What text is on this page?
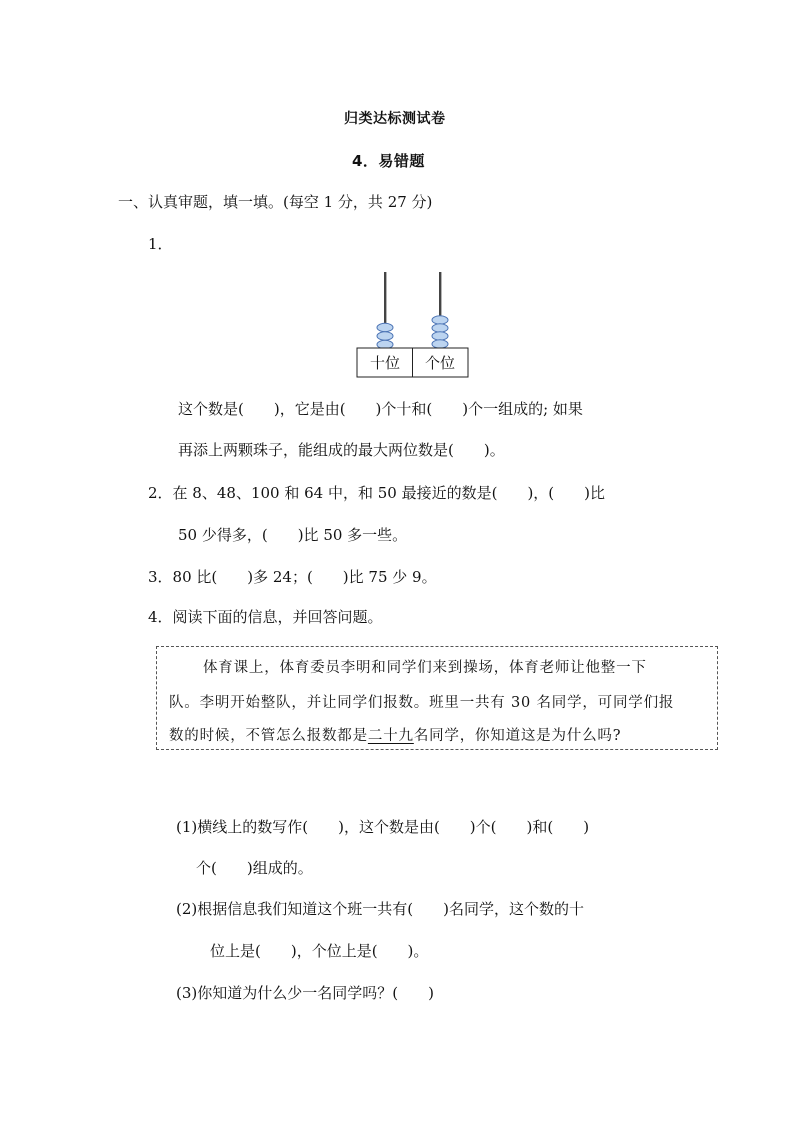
归类达标测试卷
4．易错题
一、认真审题，填一填。(每空 1 分，共 27 分)
1．
十位 个位
这个数是(　　)，它是由(　　)个十和(　　)个一组成的; 如果
再添上两颗珠子，能组成的最大两位数是(　　)。
2．在 8、48、100 和 64 中，和 50 最接近的数是(　　)，(　　)比
50 少得多，(　　)比 50 多一些。
3．80 比(　　)多 24；(　　)比 75 少 9。
4．阅读下面的信息，并回答问题。
体育课上，体育委员李明和同学们来到操场，体育老师让他整一下
队。李明开始整队，并让同学们报数。班里一共有 30 名同学，可同学们报
数的时候，不管怎么报数都是二十九名同学，你知道这是为什么吗?
(1)横线上的数写作(　　)，这个数是由(　　)个(　　)和(　　)
个(　　)组成的。
(2)根据信息我们知道这个班一共有(　　)名同学，这个数的十
位上是(　　)，个位上是(　　)。
(3)你知道为什么少一名同学吗？(　　)
